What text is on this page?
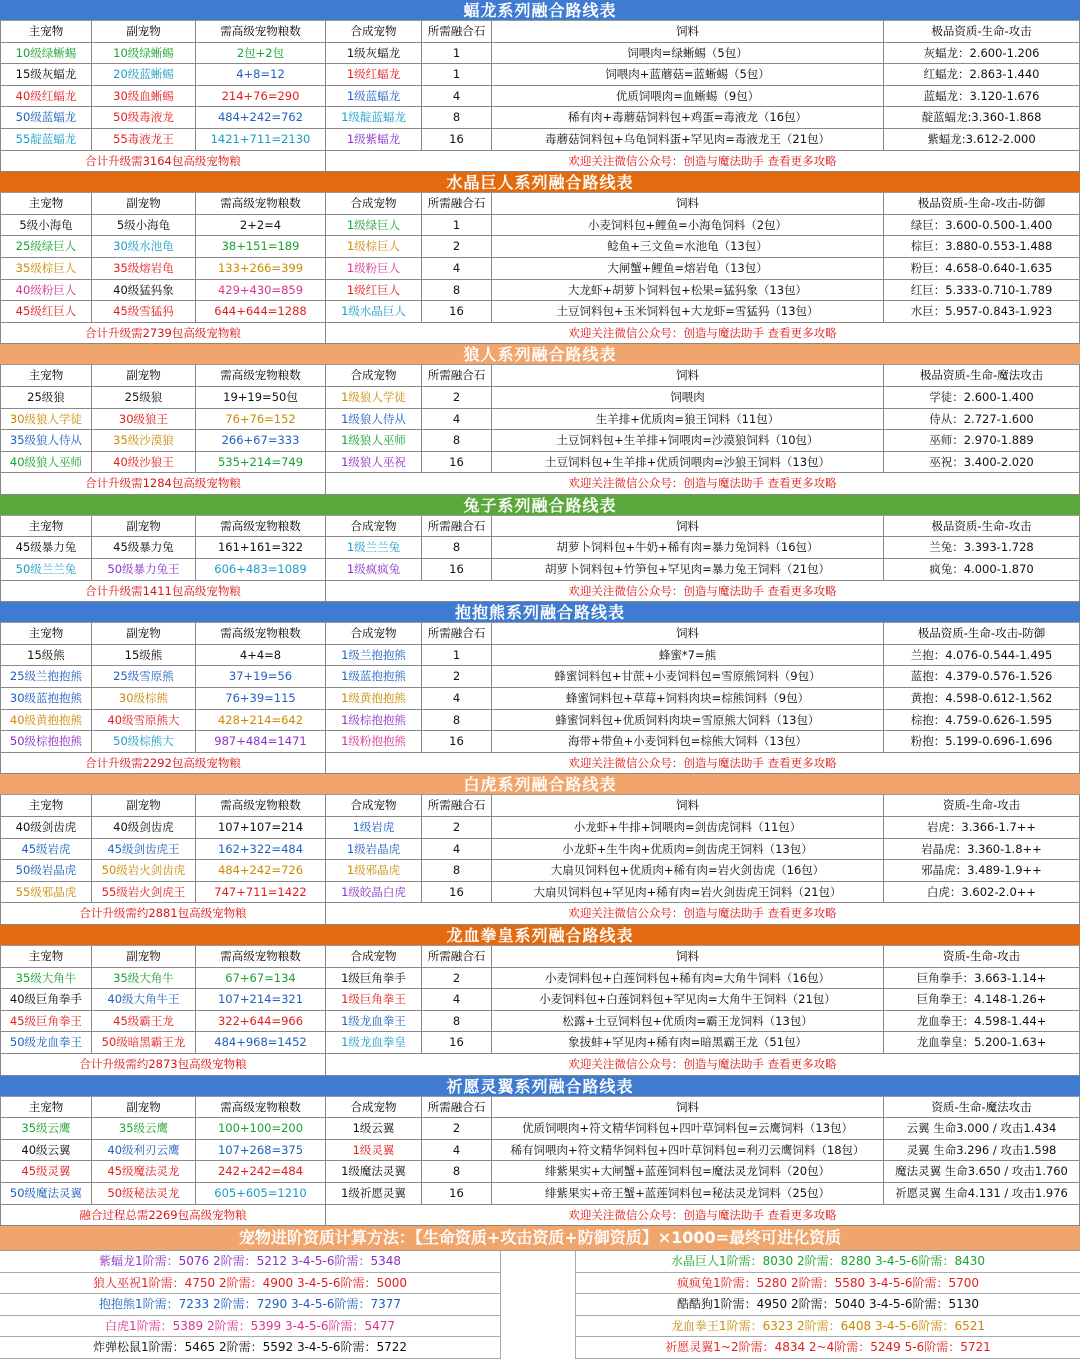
蝠龙系列融合路线表
主宠物	副宠物	需高级宠物粮数	合成宠物	所需融合石	饲料	极品资质-生命-攻击
10级绿蜥蜴	10级绿蜥蜴	2包+2包	1级灰蝠龙	1	饲喂肉=绿蜥蜴（5包）	灰蝠龙：2.600-1.206
15级灰蝠龙	20级蓝蜥蜴	4+8=12	1级红蝠龙	1	饲喂肉+蓝蘑菇=蓝蜥蜴（5包）	红蝠龙：2.863-1.440
40级红蝠龙	30级血蜥蜴	214+76=290	1级蓝蝠龙	4	优质饲喂肉=血蜥蜴（9包）	蓝蝠龙：3.120-1.676
50级蓝蝠龙	50级毒液龙	484+242=762	1级靛蓝蝠龙	8	稀有肉+毒蘑菇饲料包+鸡蛋=毒液龙（16包）	靛蓝蝠龙:3.360-1.868
55靛蓝蝠龙	55毒液龙王	1421+711=2130	1级紫蝠龙	16	毒蘑菇饲料包+乌龟饲料蛋+罕见肉=毒液龙王（21包）	紫蝠龙:3.612-2.000
合计升级需3164包高级宠物粮	欢迎关注微信公众号：创造与魔法助手 查看更多攻略
水晶巨人系列融合路线表
主宠物	副宠物	需高级宠物粮数	合成宠物	所需融合石	饲料	极品资质-生命-攻击-防御
5级小海龟	5级小海龟	2+2=4	1级绿巨人	1	小麦饲料包+鲤鱼=小海龟饲料（2包）	绿巨：3.600-0.500-1.400
25级绿巨人	30级水池龟	38+151=189	1级棕巨人	2	鲶鱼+三文鱼=水池龟（13包）	棕巨：3.880-0.553-1.488
35级棕巨人	35级熔岩龟	133+266=399	1级粉巨人	4	大闸蟹+鲤鱼=熔岩龟（13包）	粉巨：4.658-0.640-1.635
40级粉巨人	40级猛犸象	429+430=859	1级红巨人	8	大龙虾+胡萝卜饲料包+松果=猛犸象（13包）	红巨：5.333-0.710-1.789
45级红巨人	45级雪猛犸	644+644=1288	1级水晶巨人	16	土豆饲料包+玉米饲料包+大龙虾=雪猛犸（13包）	水巨：5.957-0.843-1.923
合计升级需2739包高级宠物粮	欢迎关注微信公众号：创造与魔法助手 查看更多攻略
狼人系列融合路线表
主宠物	副宠物	需高级宠物粮数	合成宠物	所需融合石	饲料	极品资质-生命-魔法攻击
25级狼	25级狼	19+19=50包	1级狼人学徒	2	饲喂肉	学徒：2.600-1.400
30级狼人学徒	30级狼王	76+76=152	1级狼人侍从	4	生羊排+优质肉=狼王饲料（11包）	侍从：2.727-1.600
35级狼人侍从	35级沙漠狼	266+67=333	1级狼人巫师	8	土豆饲料包+生羊排+饲喂肉=沙漠狼饲料（10包）	巫师：2.970-1.889
40级狼人巫师	40级沙狼王	535+214=749	1级狼人巫祝	16	土豆饲料包+生羊排+优质饲喂肉=沙狼王饲料（13包）	巫祝：3.400-2.020
合计升级需1284包高级宠物粮	欢迎关注微信公众号：创造与魔法助手 查看更多攻略
兔子系列融合路线表
主宠物	副宠物	需高级宠物粮数	合成宠物	所需融合石	饲料	极品资质-生命-攻击
45级暴力兔	45级暴力兔	161+161=322	1级兰兰兔	8	胡萝卜饲料包+牛奶+稀有肉=暴力兔饲料（16包）	兰兔：3.393-1.728
50级兰兰兔	50级暴力兔王	606+483=1089	1级疯疯兔	16	胡萝卜饲料包+竹笋包+罕见肉=暴力兔王饲料（21包）	疯兔：4.000-1.870
合计升级需1411包高级宠物粮	欢迎关注微信公众号：创造与魔法助手 查看更多攻略
抱抱熊系列融合路线表
主宠物	副宠物	需高级宠物粮数	合成宠物	所需融合石	饲料	极品资质-生命-攻击-防御
15级熊	15级熊	4+4=8	1级兰抱抱熊	1	蜂蜜*7=熊	兰抱：4.076-0.544-1.495
25级兰抱抱熊	25级雪原熊	37+19=56	1级蓝抱抱熊	2	蜂蜜饲料包+甘蔗+小麦饲料包=雪原熊饲料（9包）	蓝抱：4.379-0.576-1.526
30级蓝抱抱熊	30级棕熊	76+39=115	1级黄抱抱熊	4	蜂蜜饲料包+草莓+饲料肉块=棕熊饲料（9包）	黄抱：4.598-0.612-1.562
40级黄抱抱熊	40级雪原熊大	428+214=642	1级棕抱抱熊	8	蜂蜜饲料包+优质饲料肉块=雪原熊大饲料（13包）	棕抱：4.759-0.626-1.595
50级棕抱抱熊	50级棕熊大	987+484=1471	1级粉抱抱熊	16	海带+带鱼+小麦饲料包=棕熊大饲料（13包）	粉抱：5.199-0.696-1.696
合计升级需2292包高级宠物粮	欢迎关注微信公众号：创造与魔法助手 查看更多攻略
白虎系列融合路线表
主宠物	副宠物	需高级宠物粮数	合成宠物	所需融合石	饲料	资质-生命-攻击
40级剑齿虎	40级剑齿虎	107+107=214	1级岩虎	2	小龙虾+牛排+饲喂肉=剑齿虎饲料（11包）	岩虎：3.366-1.7++
45级岩虎	45级剑齿虎王	162+322=484	1级岩晶虎	4	小龙虾+生牛肉+优质肉=剑齿虎王饲料（13包）	岩晶虎：3.360-1.8++
50级岩晶虎	50级岩火剑齿虎	484+242=726	1级邪晶虎	8	大扇贝饲料包+优质肉+稀有肉=岩火剑齿虎（16包）	邪晶虎：3.489-1.9++
55级邪晶虎	55级岩火剑虎王	747+711=1422	1级皎晶白虎	16	大扇贝饲料包+罕见肉+稀有肉=岩火剑齿虎王饲料（21包）	白虎：3.602-2.0++
合计升级需约2881包高级宠物粮	欢迎关注微信公众号：创造与魔法助手 查看更多攻略
龙血拳皇系列融合路线表
主宠物	副宠物	需高级宠物粮数	合成宠物	所需融合石	饲料	资质-生命-攻击
35级大角牛	35级大角牛	67+67=134	1级巨角拳手	2	小麦饲料包+白莲饲料包+稀有肉=大角牛饲料（16包）	巨角拳手：3.663-1.14+
40级巨角拳手	40级大角牛王	107+214=321	1级巨角拳王	4	小麦饲料包+白莲饲料包+罕见肉=大角牛王饲料（21包）	巨角拳王：4.148-1.26+
45级巨角拳王	45级霸王龙	322+644=966	1级龙血拳王	8	松露+土豆饲料包+优质肉=霸王龙饲料（13包）	龙血拳王：4.598-1.44+
50级龙血拳王	50级暗黑霸王龙	484+968=1452	1级龙血拳皇	16	象拔蚌+罕见肉+稀有肉=暗黑霸王龙（51包）	龙血拳皇：5.200-1.63+
合计升级需约2873包高级宠物粮	欢迎关注微信公众号：创造与魔法助手 查看更多攻略
祈愿灵翼系列融合路线表
主宠物	副宠物	需高级宠物粮数	合成宠物	所需融合石	饲料	资质-生命-魔法攻击
35级云鹰	35级云鹰	100+100=200	1级云翼	2	优质饲喂肉+符文精华饲料包+四叶草饲料包=云鹰饲料（13包）	云翼 生命3.000 / 攻击1.434
40级云翼	40级利刃云鹰	107+268=375	1级灵翼	4	稀有饲喂肉+符文精华饲料包+四叶草饲料包=利刃云鹰饲料（18包）	灵翼 生命3.296 / 攻击1.598
45级灵翼	45级魔法灵龙	242+242=484	1级魔法灵翼	8	绯紫果实+大闸蟹+蓝莲饲料包=魔法灵龙饲料（20包）	魔法灵翼 生命3.650 / 攻击1.760
50级魔法灵翼	50级秘法灵龙	605+605=1210	1级祈愿灵翼	16	绯紫果实+帝王蟹+蓝莲饲料包=秘法灵龙饲料（25包）	祈愿灵翼 生命4.131 / 攻击1.976
融合过程总需2269包高级宠物粮	欢迎关注微信公众号：创造与魔法助手 查看更多攻略
宠物进阶资质计算方法：【生命资质+攻击资质+防御资质】×1000=最终可进化资质
紫蝠龙1阶需：5076 2阶需：5212 3-4-5-6阶需：5348	水晶巨人1阶需：8030 2阶需：8280 3-4-5-6阶需：8430
狼人巫祝1阶需：4750 2阶需：4900 3-4-5-6阶需：5000	疯疯兔1阶需：5280 2阶需：5580 3-4-5-6阶需：5700
抱抱熊1阶需：7233 2阶需：7290 3-4-5-6阶需：7377	酷酷狗1阶需：4950 2阶需：5040 3-4-5-6阶需：5130
白虎1阶需：5389 2阶需：5399 3-4-5-6阶需：5477	龙血拳王1阶需：6323 2阶需：6408 3-4-5-6阶需：6521
炸弹松鼠1阶需：5465 2阶需：5592 3-4-5-6阶需：5722	祈愿灵翼1~2阶需：4834 2~4阶需：5249 5-6阶需：5721
